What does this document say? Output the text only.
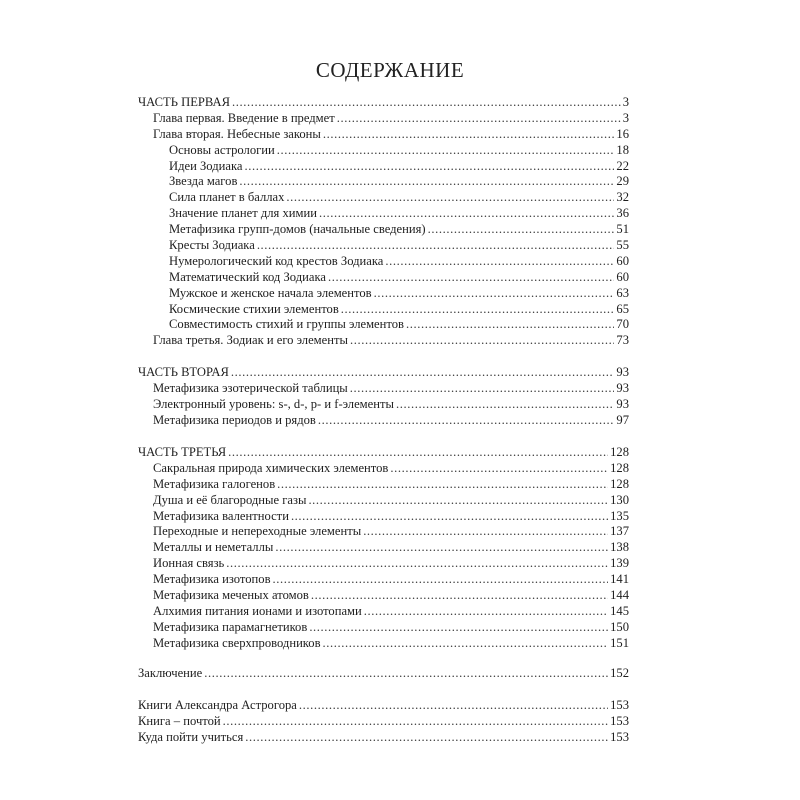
СОДЕРЖАНИЕ
ЧАСТЬ ПЕРВАЯ .....	3
Глава первая. Введение в предмет .....	3
Глава вторая. Небесные законы .....	16
Основы астрологии .....	18
Идеи Зодиака .....	22
Звезда магов .....	29
Сила планет в баллах .....	32
Значение планет для химии .....	36
Метафизика групп-домов (начальные сведения) .....	51
Кресты Зодиака .....	55
Нумерологический код крестов Зодиака .....	60
Математический код Зодиака .....	60
Мужское и женское начала элементов .....	63
Космические стихии элементов .....	65
Совместимость стихий и группы элементов .....	70
Глава третья. Зодиак и его элементы .....	73
ЧАСТЬ ВТОРАЯ .....	93
Метафизика эзотерической таблицы .....	93
Электронный уровень: s-, d-, p- и f-элементы .....	93
Метафизика периодов и рядов .....	97
ЧАСТЬ ТРЕТЬЯ .....	128
Сакральная природа химических элементов .....	128
Метафизика галогенов .....	128
Душа и её благородные газы .....	130
Метафизика валентности .....	135
Переходные и непереходные элементы .....	137
Металлы и неметаллы .....	138
Ионная связь .....	139
Метафизика изотопов .....	141
Метафизика меченых атомов .....	144
Алхимия питания ионами и изотопами .....	145
Метафизика парамагнетиков .....	150
Метафизика сверхпроводников .....	151
Заключение .....	152
Книги Александра Астрогора .....	153
Книга – почтой .....	153
Куда пойти учиться .....	153
